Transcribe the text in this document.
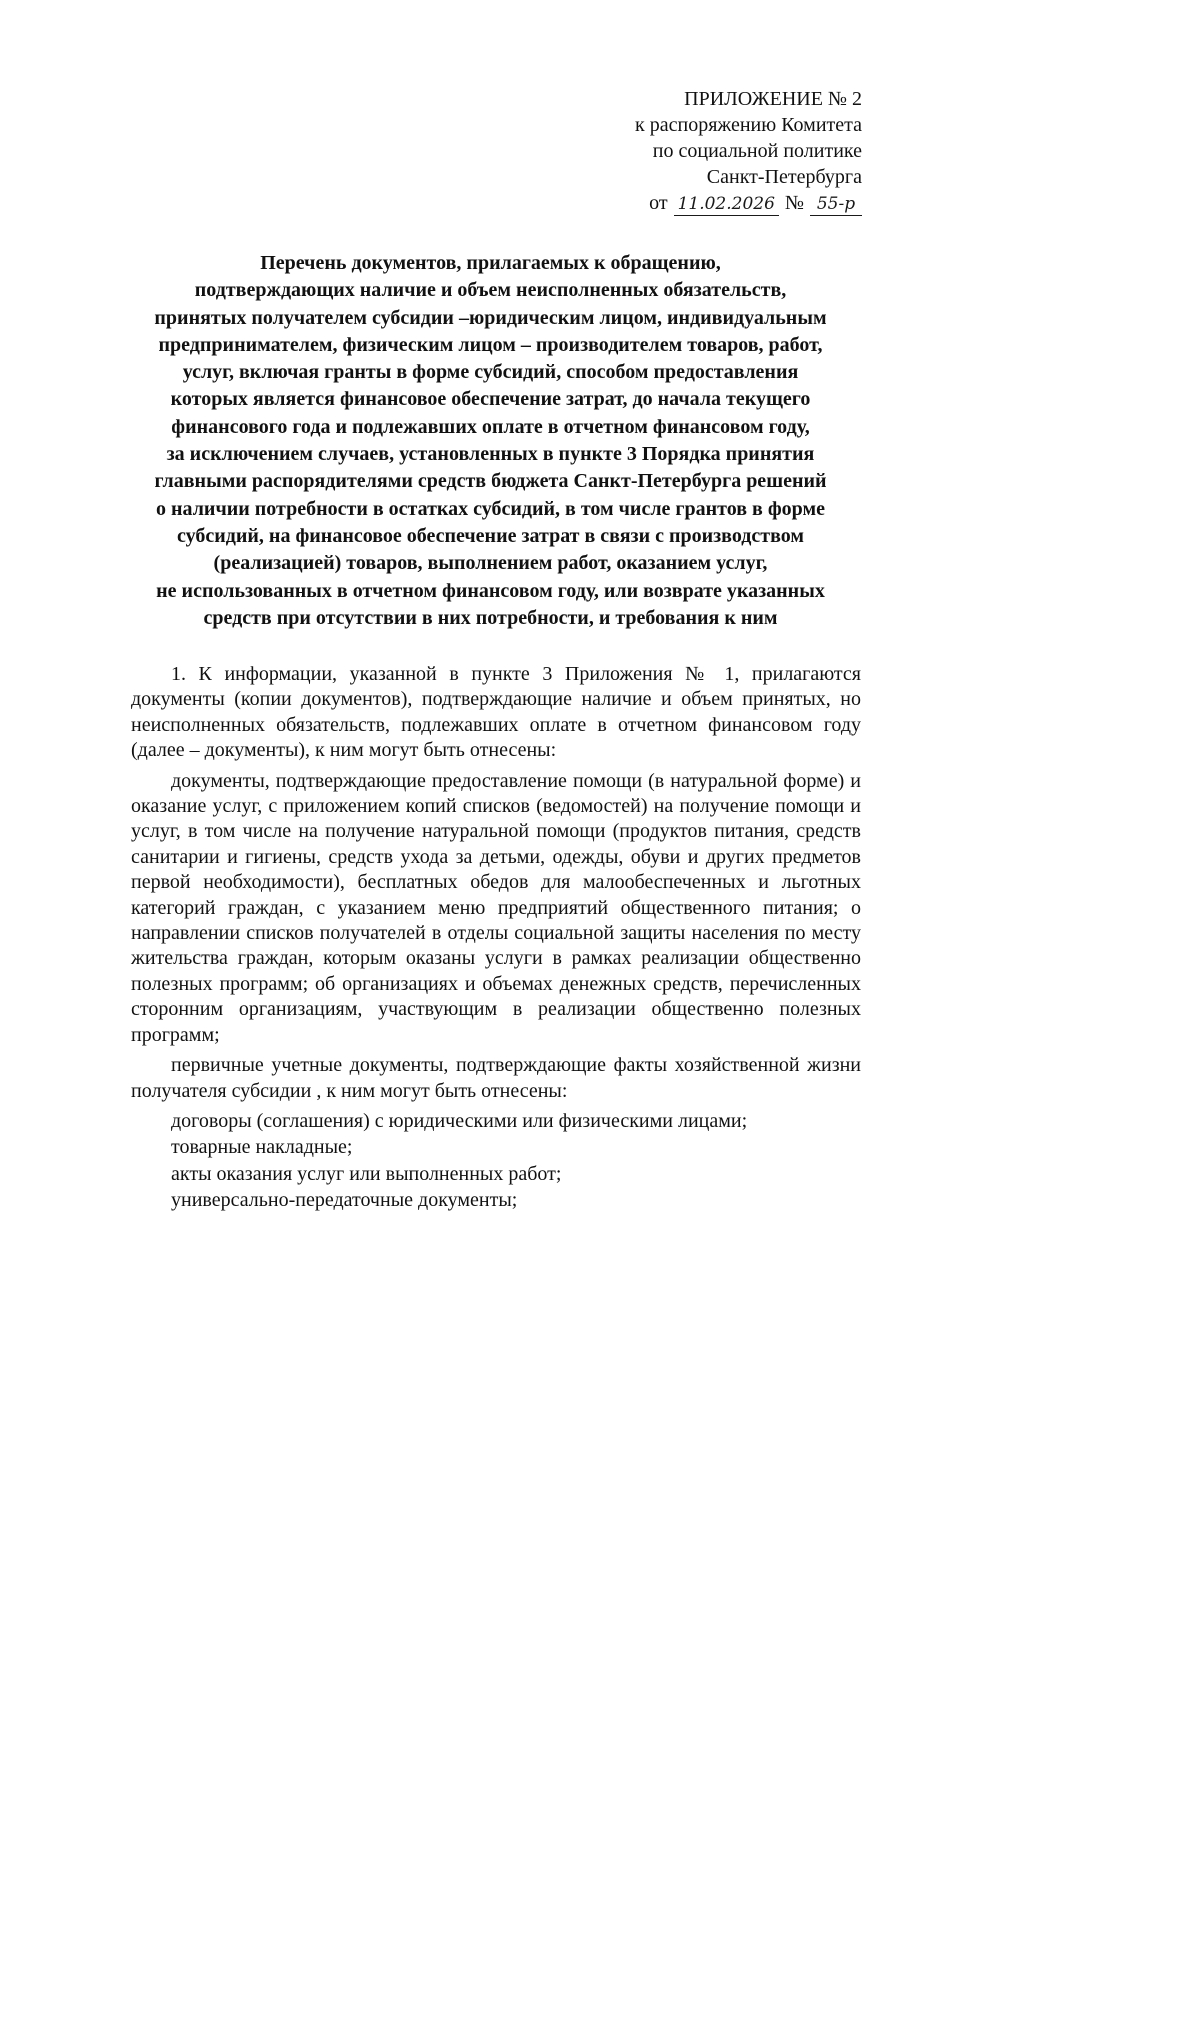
ПРИЛОЖЕНИЕ № 2
к распоряжению Комитета
по социальной политике
Санкт-Петербурга
от 11.02.2026 № 55-р
Перечень документов, прилагаемых к обращению,
подтверждающих наличие и объем неисполненных обязательств,
принятых получателем субсидии –юридическим лицом, индивидуальным
предпринимателем, физическим лицом – производителем товаров, работ,
услуг, включая гранты в форме субсидий, способом предоставления
которых является финансовое обеспечение затрат, до начала текущего
финансового года и подлежавших оплате в отчетном финансовом году,
за исключением случаев, установленных в пункте 3 Порядка принятия
главными распорядителями средств бюджета Санкт-Петербурга решений
о наличии потребности в остатках субсидий, в том числе грантов в форме
субсидий, на финансовое обеспечение затрат в связи с производством
(реализацией) товаров, выполнением работ, оказанием услуг,
не использованных в отчетном финансовом году, или возврате указанных
средств при отсутствии в них потребности, и требования к ним

1. К информации, указанной в пункте 3 Приложения № 1, прилагаются документы (копии документов), подтверждающие наличие и объем принятых, но неисполненных обязательств, подлежавших оплате в отчетном финансовом году (далее – документы), к ним могут быть отнесены:

документы, подтверждающие предоставление помощи (в натуральной форме) и оказание услуг, с приложением копий списков (ведомостей) на получение помощи и услуг, в том числе на получение натуральной помощи (продуктов питания, средств санитарии и гигиены, средств ухода за детьми, одежды, обуви и других предметов первой необходимости), бесплатных обедов для малообеспеченных и льготных категорий граждан, с указанием меню предприятий общественного питания; о направлении списков получателей в отделы социальной защиты населения по месту жительства граждан, которым оказаны услуги в рамках реализации общественно полезных программ; об организациях и объемах денежных средств, перечисленных сторонним организациям, участвующим в реализации общественно полезных программ;

первичные учетные документы, подтверждающие факты хозяйственной жизни получателя субсидии , к ним могут быть отнесены:

договоры (соглашения) с юридическими или физическими лицами;

товарные накладные;

акты оказания услуг или выполненных работ;

универсально-передаточные документы;
